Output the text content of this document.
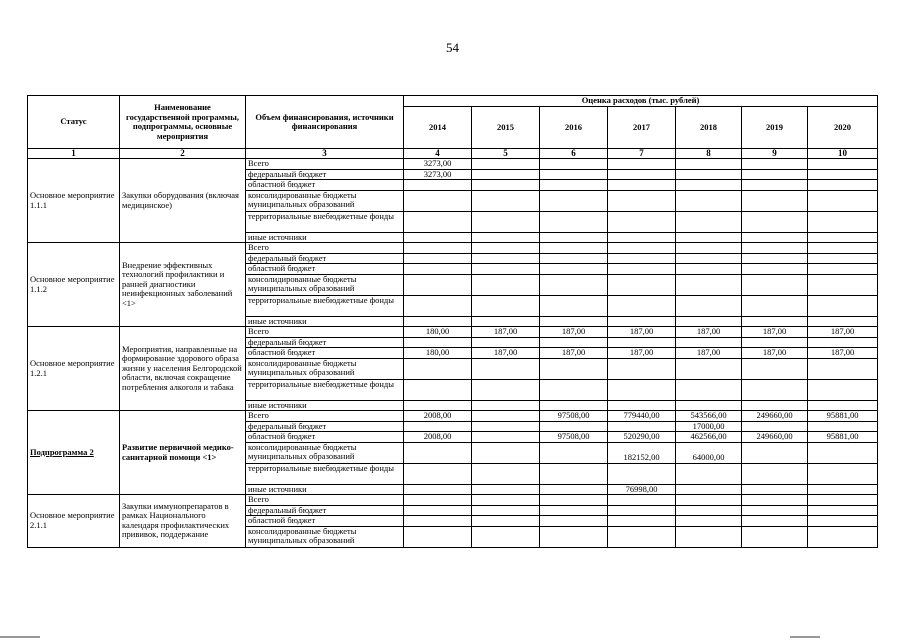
54
Статус	Наименование государственной программы, подпрограммы, основные мероприятия	Объем финансирования, источники финансирования	Оценка расходов (тыс. рублей)						
			2014	2015	2016	2017	2018	2019	2020
1	2	3	4	5	6	7	8	9	10
Основное мероприятие 1.1.1	Закупки оборудования (включая медицинское)	Всего	3273,00						
		федеральный бюджет	3273,00						
		областной бюджет							
		консолидированные бюджеты муниципальных образований							
		территориальные внебюджетные фонды							
		иные источники							
Основное мероприятие 1.1.2	Внедрение эффективных технологий профилактики и ранней диагностики неинфекционных заболеваний <1>	Всего							
		федеральный бюджет							
		областной бюджет							
		консолидированные бюджеты муниципальных образований							
		территориальные внебюджетные фонды							
		иные источники							
Основное мероприятие 1.2.1	Мероприятия, направленные на формирование здорового образа жизни у населения Белгородской области, включая сокращение потребления алкоголя и табака	Всего	180,00	187,00	187,00	187,00	187,00	187,00	187,00
		федеральный бюджет							
		областной бюджет	180,00	187,00	187,00	187,00	187,00	187,00	187,00
		консолидированные бюджеты муниципальных образований							
		территориальные внебюджетные фонды							
		иные источники							
Подпрограмма 2	Развитие первичной медико-санитарной помощи <1>	Всего	2008,00		97508,00	779440,00	543566,00	249660,00	95881,00
		федеральный бюджет					17000,00		
		областной бюджет	2008,00		97508,00	520290,00	462566,00	249660,00	95881,00
		консолидированные бюджеты муниципальных образований				182152,00	64000,00		
		территориальные внебюджетные фонды							
		иные источники				76998,00			
Основное мероприятие 2.1.1	Закупки иммунопрепаратов в рамках Национального календаря профилактических прививок, поддержание	Всего							
		федеральный бюджет							
		областной бюджет							
		консолидированные бюджеты муниципальных образований							
